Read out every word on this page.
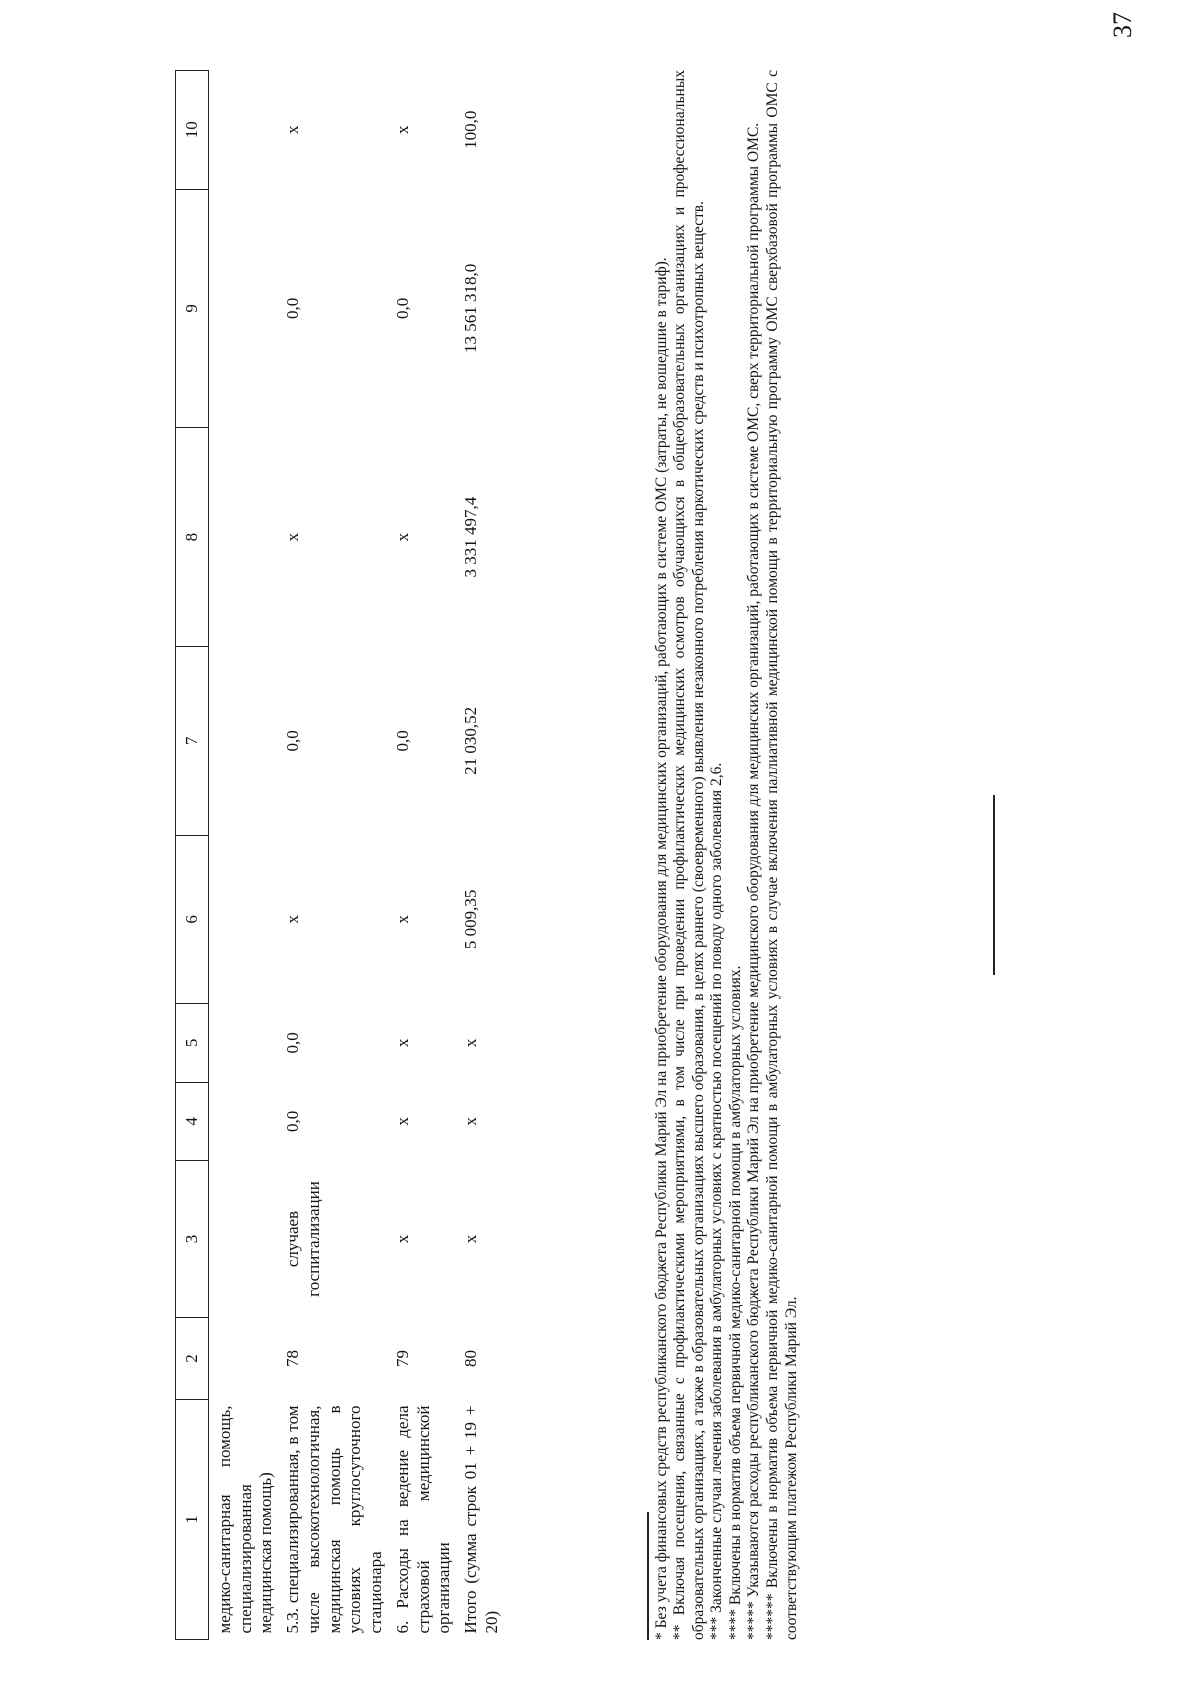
37
1	2	3	4	5	6	7	8	9	10
медико-санитарная помощь, специализированная медицинская помощь)									
5.3. специализированная, в том числе высокотехнологичная, медицинская помощь в условиях круглосуточного стационара	78	случаев госпитализации	0,0	0,0	х	0,0	х	0,0	х
6. Расходы на ведение дела страховой медицинской организации	79	х	х	х	х	0,0	х	0,0	х
Итого (сумма строк 01 + 19 + 20)	80	х	х	х	5 009,35	21 030,52	3 331 497,4	13 561 318,0	100,0

* Без учета финансовых средств республиканского бюджета Республики Марий Эл на приобретение оборудования для медицинских организаций, работающих в системе ОМС (затраты, не вошедшие в тариф). ** Включая посещения, связанные с профилактическими мероприятиями, в том числе при проведении профилактических медицинских осмотров обучающихся в общеобразовательных организациях и профессиональных образовательных организациях, а также в образовательных организациях высшего образования, в целях раннего (своевременного) выявления незаконного потребления наркотических средств и психотропных веществ. *** Законченные случаи лечения заболевания в амбулаторных условиях с кратностью посещений по поводу одного заболевания 2,6. **** Включены в норматив объема первичной медико-санитарной помощи в амбулаторных условиях. ***** Указываются расходы республиканского бюджета Республики Марий Эл на приобретение медицинского оборудования для медицинских организаций, работающих в системе ОМС, сверх территориальной программы ОМС. ****** Включены в норматив объема первичной медико-санитарной помощи в амбулаторных условиях в случае включения паллиативной медицинской помощи в территориальную программу ОМС сверхбазовой программы ОМС с соответствующим платежом Республики Марий Эл.
